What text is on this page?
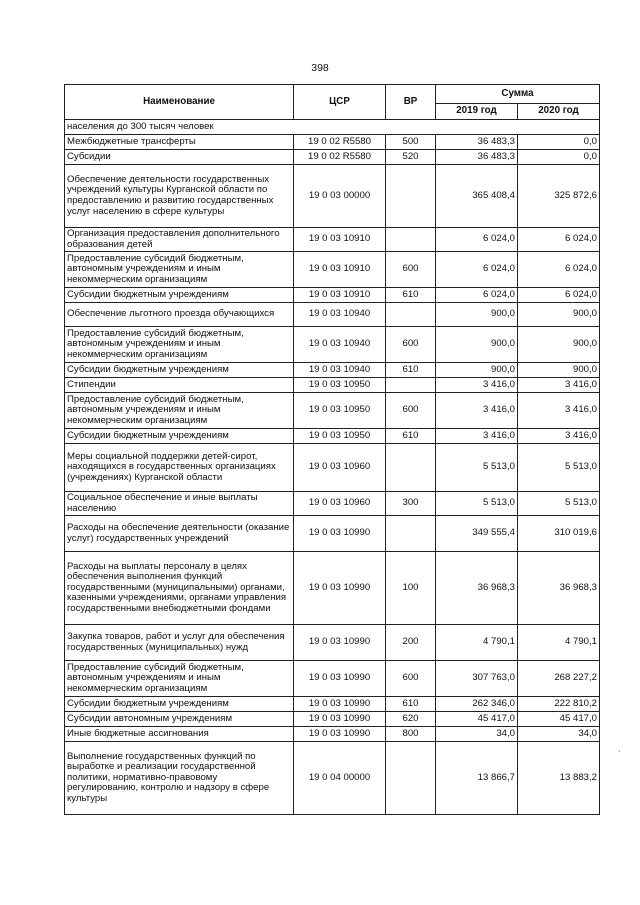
398
Наименование	ЦСР	ВР	Сумма	
			2019 год	2020 год
населения до 300 тысяч человек				
Межбюджетные трансферты	19 0 02 R5580	500	36 483,3	0,0
Субсидии	19 0 02 R5580	520	36 483,3	0,0
Обеспечение деятельности государственных учреждений культуры Курганской области по предоставлению и развитию государственных услуг населению в сфере культуры	19 0 03 00000		365 408,4	325 872,6
Организация предоставления дополнительного образования детей	19 0 03 10910		6 024,0	6 024,0
Предоставление субсидий бюджетным, автономным учреждениям и иным некоммерческим организациям	19 0 03 10910	600	6 024,0	6 024,0
Субсидии бюджетным учреждениям	19 0 03 10910	610	6 024,0	6 024,0
Обеспечение льготного проезда обучающихся	19 0 03 10940		900,0	900,0
Предоставление субсидий бюджетным, автономным учреждениям и иным некоммерческим организациям	19 0 03 10940	600	900,0	900,0
Субсидии бюджетным учреждениям	19 0 03 10940	610	900,0	900,0
Стипендии	19 0 03 10950		3 416,0	3 416,0
Предоставление субсидий бюджетным, автономным учреждениям и иным некоммерческим организациям	19 0 03 10950	600	3 416,0	3 416,0
Субсидии бюджетным учреждениям	19 0 03 10950	610	3 416,0	3 416,0
Меры социальной поддержки детей-сирот, находящихся в государственных организациях (учреждениях) Курганской области	19 0 03 10960		5 513,0	5 513,0
Социальное обеспечение и иные выплаты населению	19 0 03 10960	300	5 513,0	5 513,0
Расходы на обеспечение деятельности (оказание услуг) государственных учреждений	19 0 03 10990		349 555,4	310 019,6
Расходы на выплаты персоналу в целях обеспечения выполнения функций государственными (муниципальными) органами, казенными учреждениями, органами управления государственными внебюджетными фондами	19 0 03 10990	100	36 968,3	36 968,3
Закупка товаров, работ и услуг для обеспечения государственных (муниципальных) нужд	19 0 03 10990	200	4 790,1	4 790,1
Предоставление субсидий бюджетным, автономным учреждениям и иным некоммерческим организациям	19 0 03 10990	600	307 763,0	268 227,2
Субсидии бюджетным учреждениям	19 0 03 10990	610	262 346,0	222 810,2
Субсидии автономным учреждениям	19 0 03 10990	620	45 417,0	45 417,0
Иные бюджетные ассигнования	19 0 03 10990	800	34,0	34,0
Выполнение государственных функций по выработке и реализации государственной политики, нормативно-правовому регулированию, контролю и надзору в сфере культуры	19 0 04 00000		13 866,7	13 883,2
ˎ
